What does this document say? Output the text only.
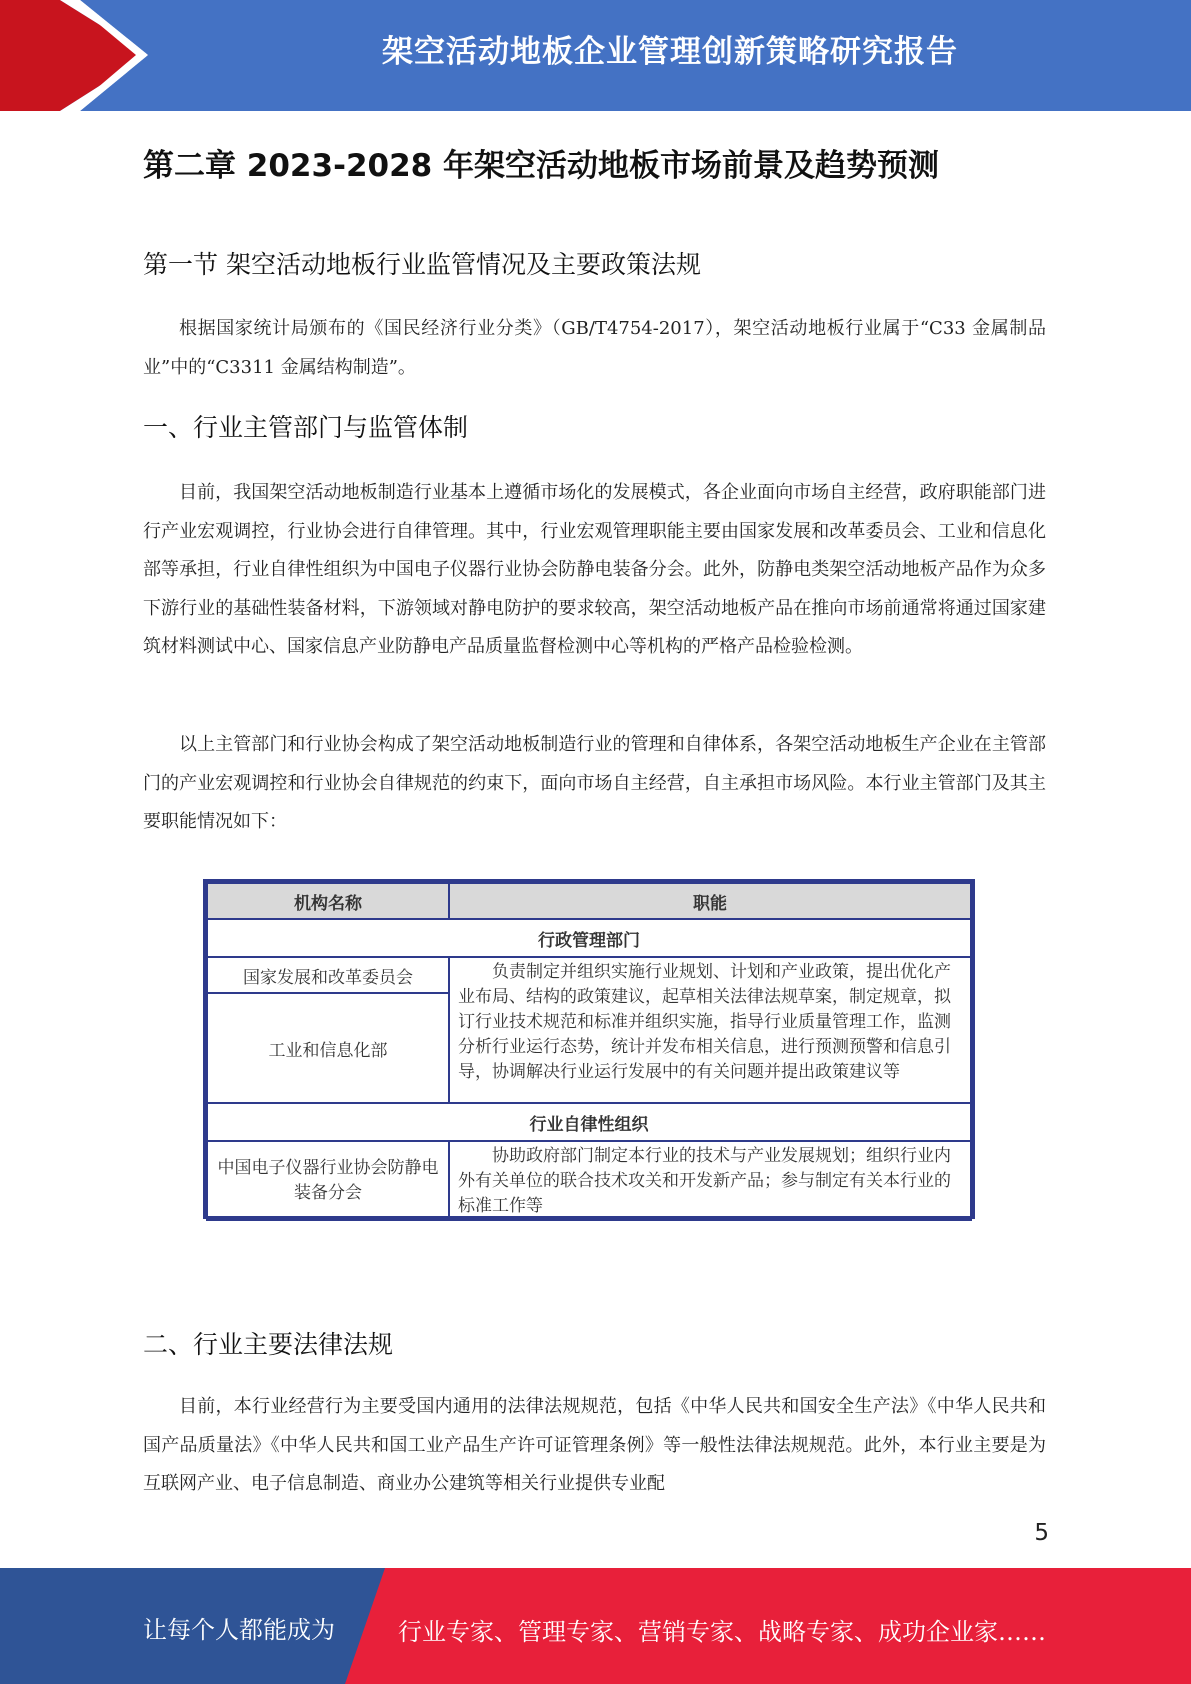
架空活动地板企业管理创新策略研究报告
第二章 2023-2028 年架空活动地板市场前景及趋势预测
第一节 架空活动地板行业监管情况及主要政策法规

根据国家统计局颁布的《国民经济行业分类》（GB/T4754-2017），架空活动地板行业属于“C33 金属制品业”中的“C3311 金属结构制造”。

一、行业主管部门与监管体制

目前，我国架空活动地板制造行业基本上遵循市场化的发展模式，各企业面向市场自主经营，政府职能部门进行产业宏观调控，行业协会进行自律管理。其中，行业宏观管理职能主要由国家发展和改革委员会、工业和信息化部等承担，行业自律性组织为中国电子仪器行业协会防静电装备分会。此外，防静电类架空活动地板产品作为众多下游行业的基础性装备材料，下游领域对静电防护的要求较高，架空活动地板产品在推向市场前通常将通过国家建筑材料测试中心、国家信息产业防静电产品质量监督检测中心等机构的严格产品检验检测。

以上主管部门和行业协会构成了架空活动地板制造行业的管理和自律体系，各架空活动地板生产企业在主管部门的产业宏观调控和行业协会自律规范的约束下，面向市场自主经营，自主承担市场风险。本行业主管部门及其主要职能情况如下：

机构名称	职能
行政管理部门	
国家发展和改革委员会	负责制定并组织实施行业规划、计划和产业政策，提出优化产业布局、结构的政策建议，起草相关法律法规草案，制定规章，拟订行业技术规范和标准并组织实施，指导行业质量管理工作，监测分析行业运行态势，统计并发布相关信息，进行预测预警和信息引导，协调解决行业运行发展中的有关问题并提出政策建议等
工业和信息化部	
行业自律性组织	
中国电子仪器行业协会防静电装备分会	协助政府部门制定本行业的技术与产业发展规划；组织行业内外有关单位的联合技术攻关和开发新产品；参与制定有关本行业的标准工作等
二、行业主要法律法规

目前，本行业经营行为主要受国内通用的法律法规规范，包括《中华人民共和国安全生产法》《中华人民共和国产品质量法》《中华人民共和国工业产品生产许可证管理条例》等一般性法律法规规范。此外，本行业主要是为互联网产业、电子信息制造、商业办公建筑等相关行业提供专业配

5
让每个人都能成为	行业专家、管理专家、营销专家、战略专家、成功企业家……
